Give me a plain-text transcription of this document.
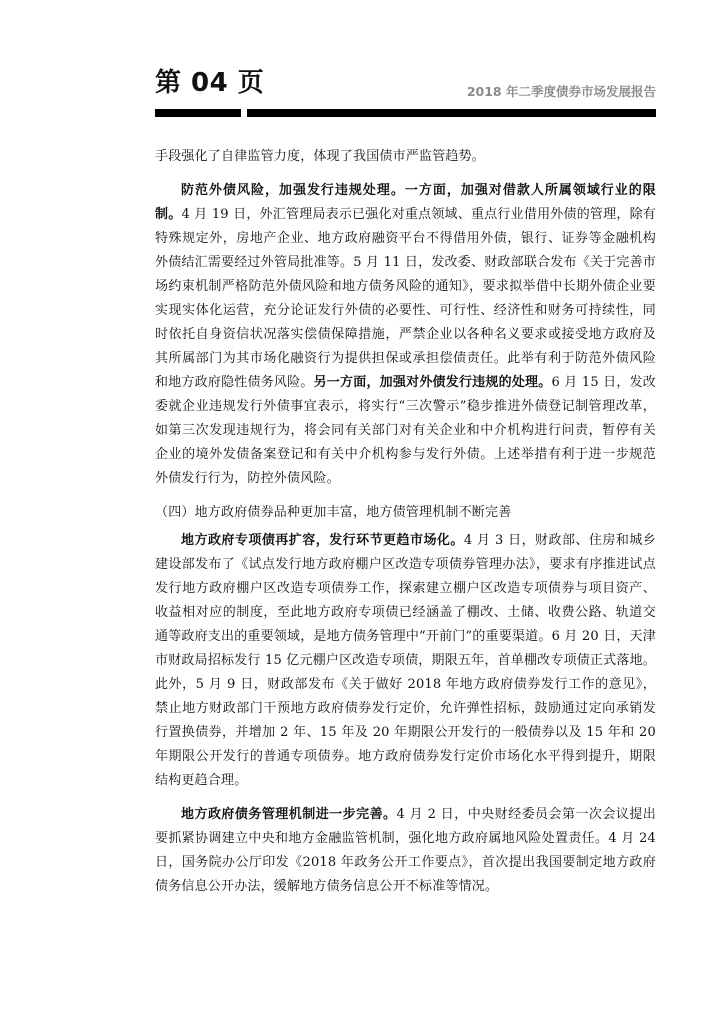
第 04 页	2018 年二季度债券市场发展报告

手段强化了自律监管力度，体现了我国债市严监管趋势。

防范外债风险，加强发行违规处理。一方面，加强对借款人所属领域行业的限制。4 月 19 日，外汇管理局表示已强化对重点领域、重点行业借用外债的管理，除有特殊规定外，房地产企业、地方政府融资平台不得借用外债，银行、证券等金融机构外债结汇需要经过外管局批准等。5 月 11 日，发改委、财政部联合发布《关于完善市场约束机制严格防范外债风险和地方债务风险的通知》，要求拟举借中长期外债企业要实现实体化运营，充分论证发行外债的必要性、可行性、经济性和财务可持续性，同时依托自身资信状况落实偿债保障措施，严禁企业以各种名义要求或接受地方政府及其所属部门为其市场化融资行为提供担保或承担偿债责任。此举有利于防范外债风险和地方政府隐性债务风险。另一方面，加强对外债发行违规的处理。6 月 15 日，发改委就企业违规发行外债事宜表示，将实行“三次警示”稳步推进外债登记制管理改革，如第三次发现违规行为，将会同有关部门对有关企业和中介机构进行问责，暂停有关企业的境外发债备案登记和有关中介机构参与发行外债。上述举措有利于进一步规范外债发行行为，防控外债风险。

（四）地方政府债券品种更加丰富，地方债管理机制不断完善

地方政府专项债再扩容，发行环节更趋市场化。4 月 3 日，财政部、住房和城乡建设部发布了《试点发行地方政府棚户区改造专项债券管理办法》，要求有序推进试点发行地方政府棚户区改造专项债券工作，探索建立棚户区改造专项债券与项目资产、收益相对应的制度，至此地方政府专项债已经涵盖了棚改、土储、收费公路、轨道交通等政府支出的重要领域，是地方债务管理中“开前门”的重要渠道。6 月 20 日，天津市财政局招标发行 15 亿元棚户区改造专项债，期限五年，首单棚改专项债正式落地。此外，5 月 9 日，财政部发布《关于做好 2018 年地方政府债券发行工作的意见》，禁止地方财政部门干预地方政府债券发行定价，允许弹性招标，鼓励通过定向承销发行置换债券，并增加 2 年、15 年及 20 年期限公开发行的一般债券以及 15 年和 20 年期限公开发行的普通专项债券。地方政府债券发行定价市场化水平得到提升，期限结构更趋合理。

地方政府债务管理机制进一步完善。4 月 2 日，中央财经委员会第一次会议提出要抓紧协调建立中央和地方金融监管机制，强化地方政府属地风险处置责任。4 月 24 日，国务院办公厅印发《2018 年政务公开工作要点》，首次提出我国要制定地方政府债务信息公开办法，缓解地方债务信息公开不标准等情况。
